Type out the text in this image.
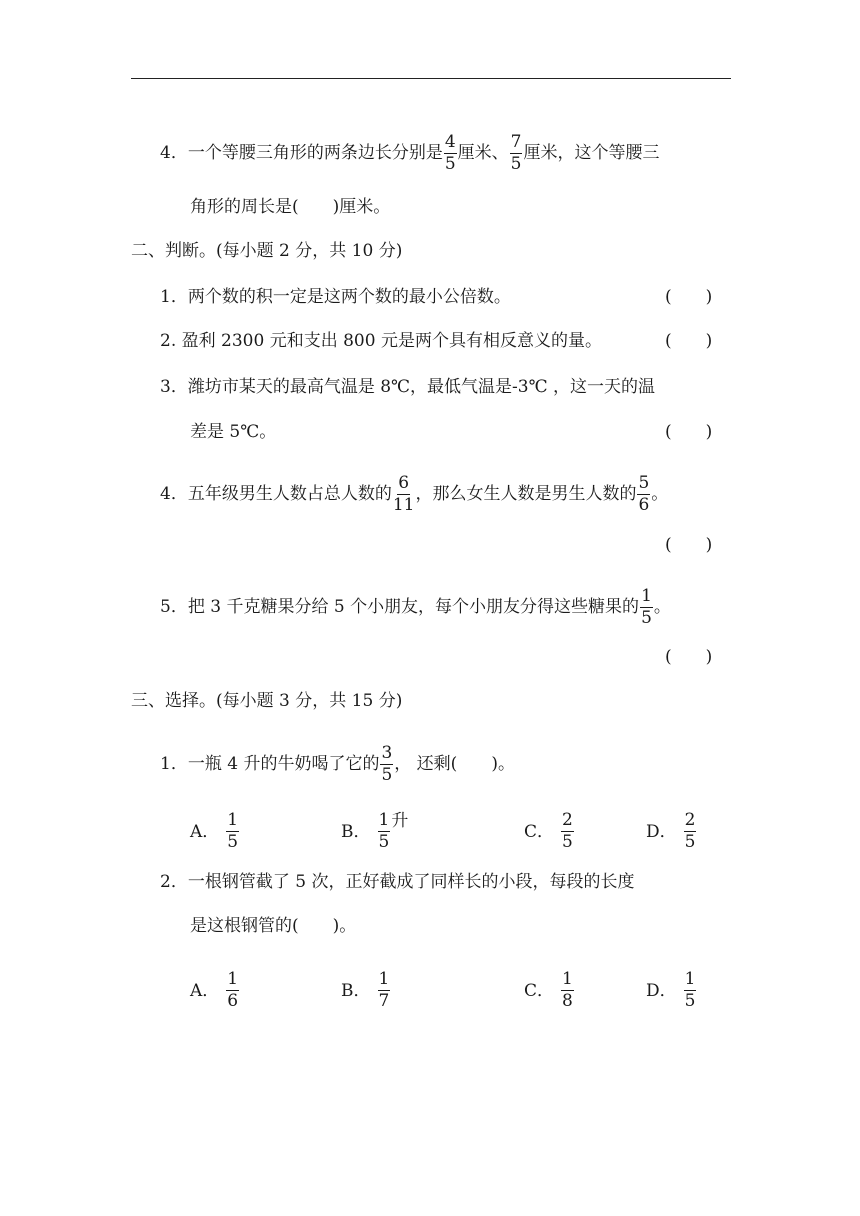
4．一个等腰三角形的两条边长分别是 $\frac{4}{5}$ 厘米、 $\frac{7}{5}$ 厘米，这个等腰三
角形的周长是(　　)厘米。
二、判断。(每小题 2 分，共 10 分)
1．两个数的积一定是这两个数的最小公倍数。	(　　)
2. 盈利 2300 元和支出 800 元是两个具有相反意义的量。	(　　)
3．潍坊市某天的最高气温是 8℃，最低气温是-3℃ ，这一天的温
差是 5℃。	(　　)
4．五年级男生人数占总人数的 $\frac{6}{11}$ ，那么女生人数是男生人数的 $\frac{5}{6}$ 。
(　　)
5．把 3 千克糖果分给 5 个小朋友，每个小朋友分得这些糖果的 $\frac{1}{5}$ 。
(　　)
三、选择。(每小题 3 分，共 15 分)
1．一瓶 4 升的牛奶喝了它的 $\frac{3}{5}$ ， 还剩(　　)。
A． $\frac{1}{5}$	B． $\frac{1}{5}$ 升
C． $\frac{2}{5}$	D． $\frac{2}{5}$
2．一根钢管截了 5 次，正好截成了同样长的小段，每段的长度
是这根钢管的(　　)。
A． $\frac{1}{6}$	B． $\frac{1}{7}$	C． $\frac{1}{8}$	D． $\frac{1}{5}$
